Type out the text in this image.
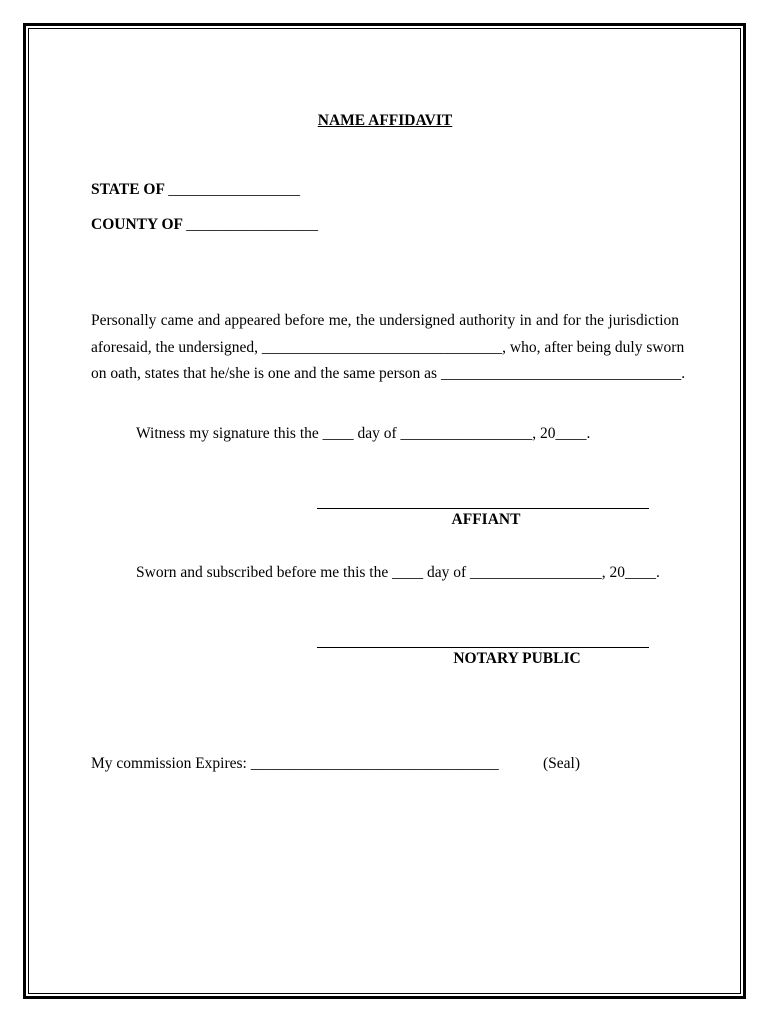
NAME AFFIDAVIT
STATE OF _________________
COUNTY OF _________________
Personally came and appeared before me, the undersigned authority in and for the jurisdiction
aforesaid, the undersigned, _______________________________, who, after being duly sworn
on oath, states that he/she is one and the same person as _______________________________.
Witness my signature this the ____ day of _________________, 20____.
AFFIANT
Sworn and subscribed before me this the ____ day of _________________, 20____.
NOTARY PUBLIC
My commission Expires: ________________________________	(Seal)
